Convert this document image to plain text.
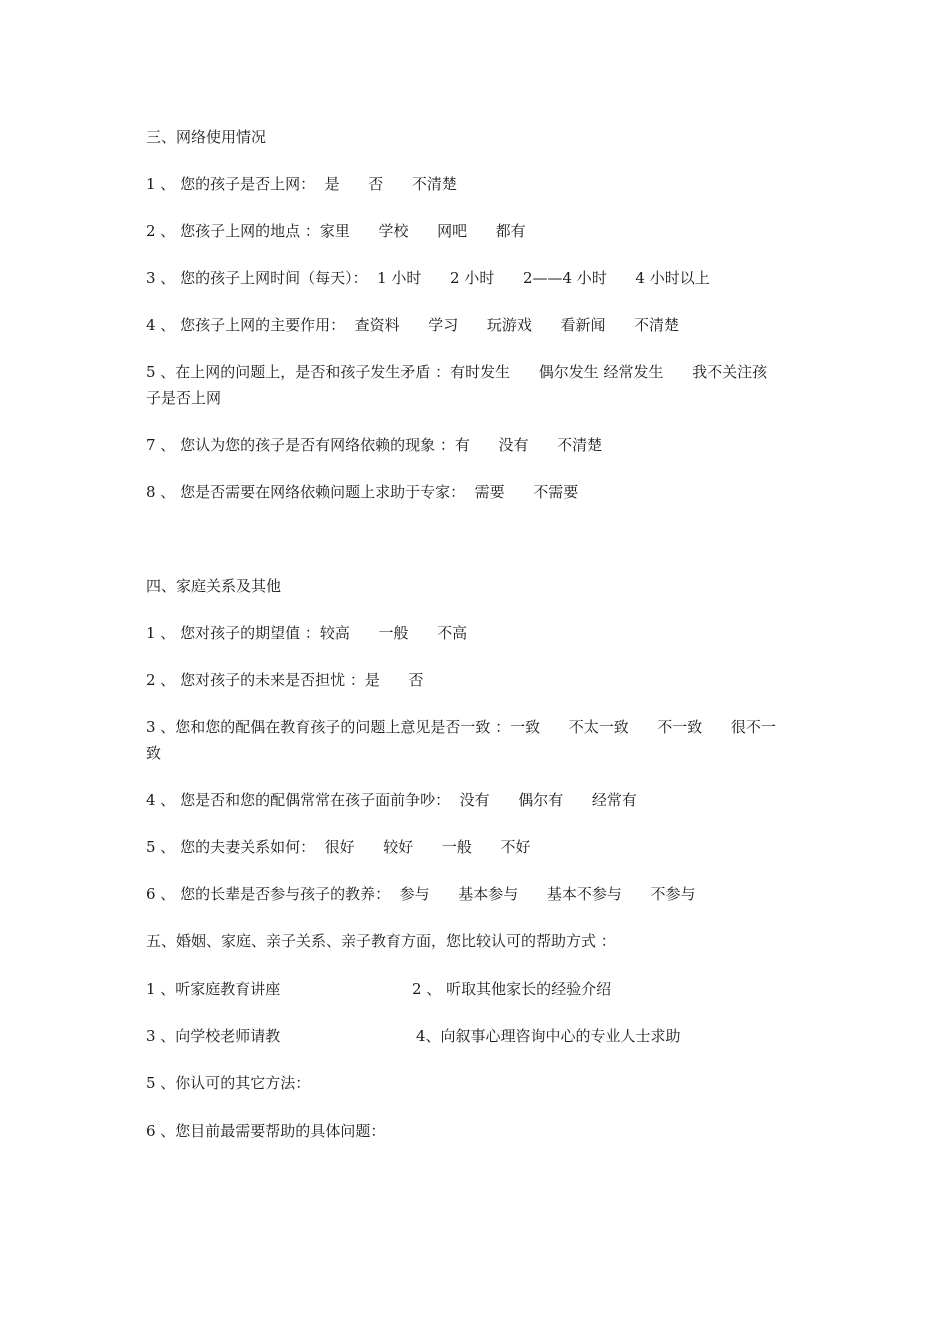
三、网络使用情况
1 、 您的孩子是否上网：  是      否      不清楚
2 、 您孩子上网的地点 ：家里      学校      网吧      都有
3 、 您的孩子上网时间（每天）：  1 小时      2 小时      2——4 小时      4 小时以上
4 、 您孩子上网的主要作用：  查资料      学习      玩游戏      看新闻      不清楚
5 、在上网的问题上，是否和孩子发生矛盾 ：有时发生      偶尔发生 经常发生      我不关注孩
子是否上网
7 、 您认为您的孩子是否有网络依赖的现象 ：有      没有      不清楚
8 、 您是否需要在网络依赖问题上求助于专家：  需要      不需要
四、家庭关系及其他
1 、 您对孩子的期望值 ：较高      一般      不高
2 、 您对孩子的未来是否担忧 ：是      否
3 、您和您的配偶在教育孩子的问题上意见是否一致 ：一致      不太一致      不一致      很不一
致
4 、 您是否和您的配偶常常在孩子面前争吵：  没有      偶尔有      经常有
5 、 您的夫妻关系如何：  很好      较好      一般      不好
6 、 您的长辈是否参与孩子的教养：  参与      基本参与      基本不参与      不参与
五、婚姻、家庭、亲子关系、亲子教育方面，您比较认可的帮助方式 ：
1 、听家庭教育讲座	2 、 听取其他家长的经验介绍
3 、向学校老师请教	4、向叙事心理咨询中心的专业人士求助
5 、你认可的其它方法：
6 、您目前最需要帮助的具体问题：
